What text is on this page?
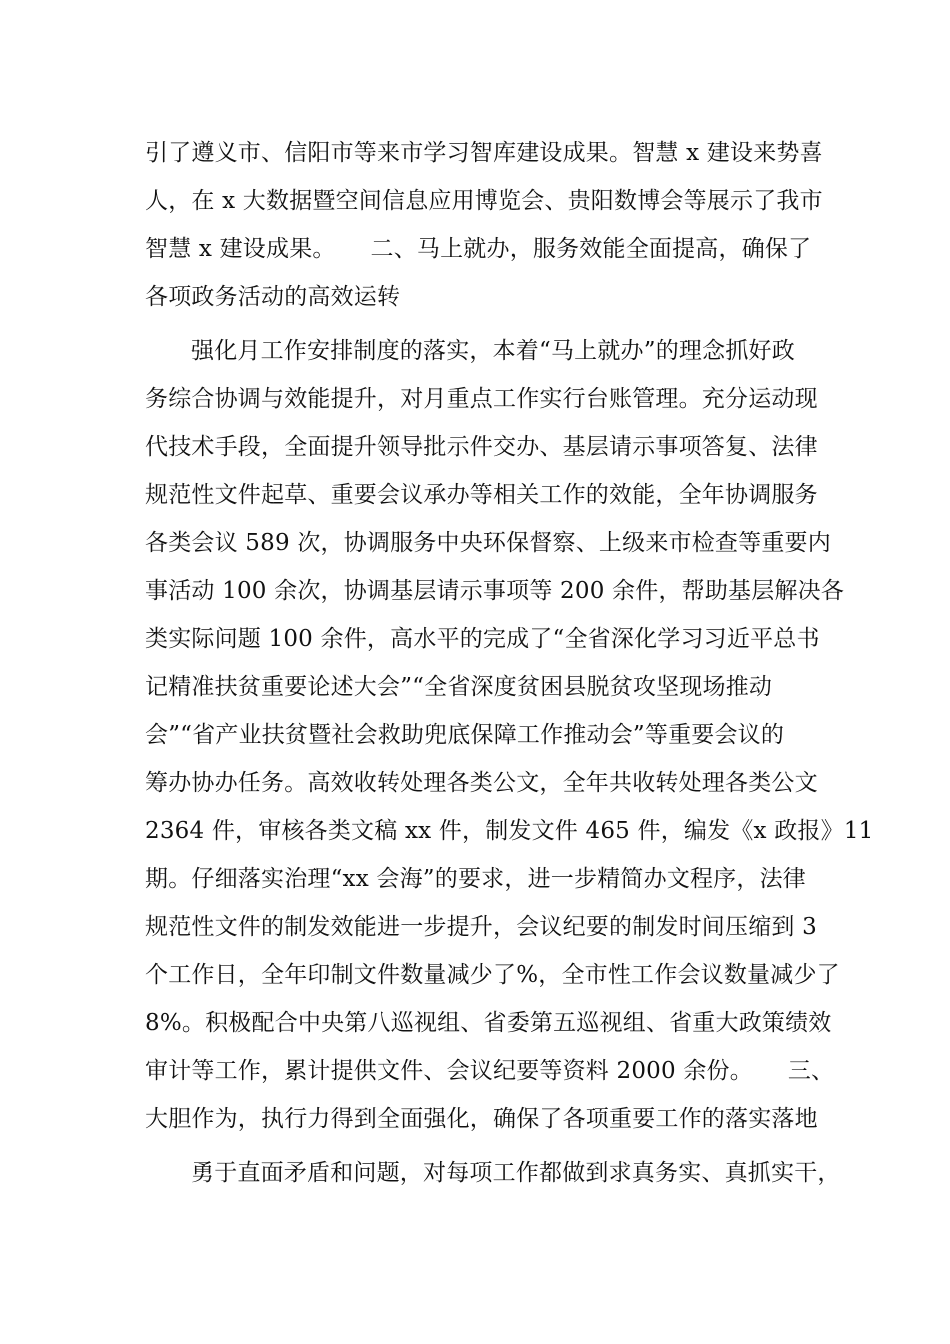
引了遵义市、信阳市等来市学习智库建设成果。智慧 x 建设来势喜
人，在 x 大数据暨空间信息应用博览会、贵阳数博会等展示了我市
智慧 x 建设成果。　　二、马上就办，服务效能全面提高，确保了
各项政务活动的高效运转
强化月工作安排制度的落实，本着“马上就办”的理念抓好政
务综合协调与效能提升，对月重点工作实行台账管理。充分运动现
代技术手段，全面提升领导批示件交办、基层请示事项答复、法律
规范性文件起草、重要会议承办等相关工作的效能，全年协调服务
各类会议 589 次，协调服务中央环保督察、上级来市检查等重要内
事活动 100 余次，协调基层请示事项等 200 余件，帮助基层解决各
类实际问题 100 余件，高水平的完成了“全省深化学习习近平总书
记精准扶贫重要论述大会”“全省深度贫困县脱贫攻坚现场推动
会”“省产业扶贫暨社会救助兜底保障工作推动会”等重要会议的
筹办协办任务。高效收转处理各类公文，全年共收转处理各类公文
2364 件，审核各类文稿 xx 件，制发文件 465 件，编发《x 政报》11
期。仔细落实治理“xx 会海”的要求，进一步精简办文程序，法律
规范性文件的制发效能进一步提升，会议纪要的制发时间压缩到 3
个工作日，全年印制文件数量减少了%，全市性工作会议数量减少了
8%。积极配合中央第八巡视组、省委第五巡视组、省重大政策绩效
审计等工作，累计提供文件、会议纪要等资料 2000 余份。　　三、
大胆作为，执行力得到全面强化，确保了各项重要工作的落实落地
勇于直面矛盾和问题，对每项工作都做到求真务实、真抓实干，
